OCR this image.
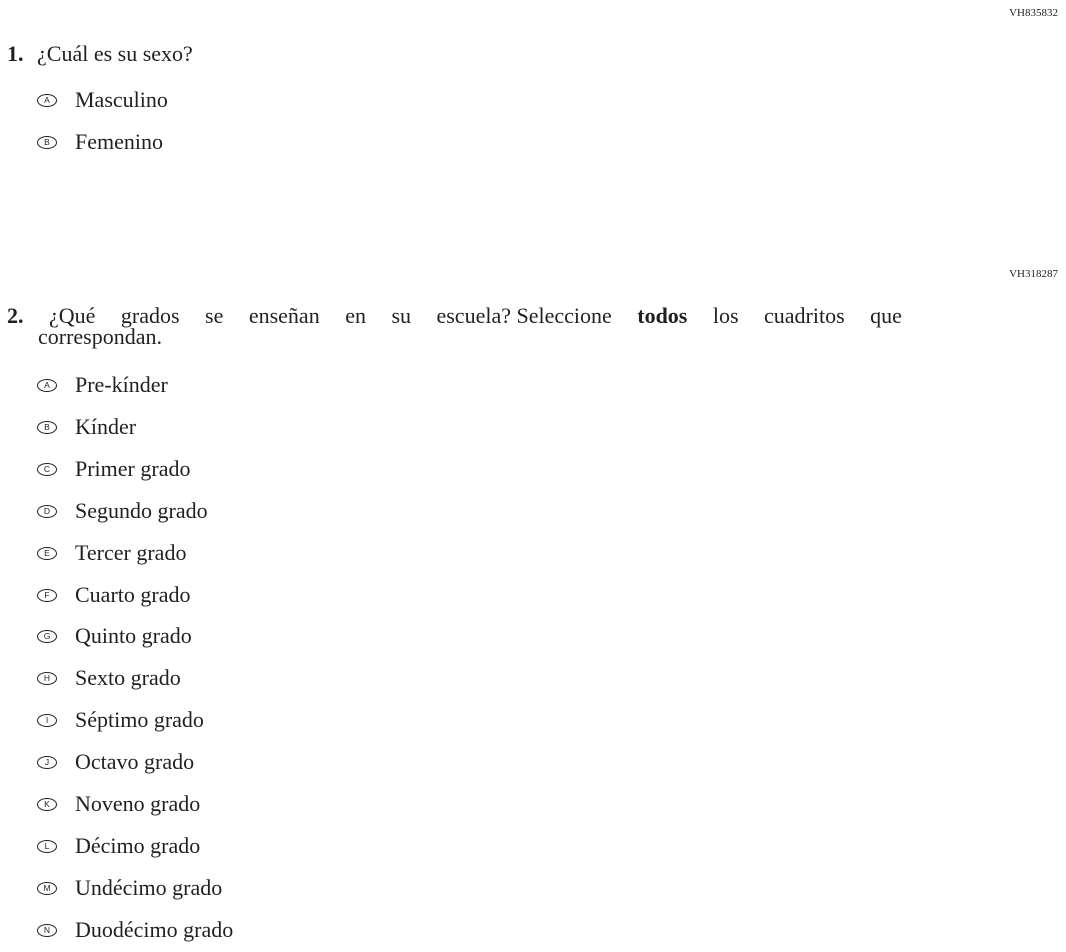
VH835832
1. ¿Cuál es su sexo?
A	Masculino
B	Femenino
VH318287
2. ¿Qué grados se enseñan en su escuela? Seleccione todos los cuadritos que
correspondan.
A	Pre-kínder
B	Kínder
C	Primer grado
D	Segundo grado
E	Tercer grado
F	Cuarto grado
G	Quinto grado
H	Sexto grado
I	Séptimo grado
J	Octavo grado
K	Noveno grado
L	Décimo grado
M Undécimo grado
N	Duodécimo grado
